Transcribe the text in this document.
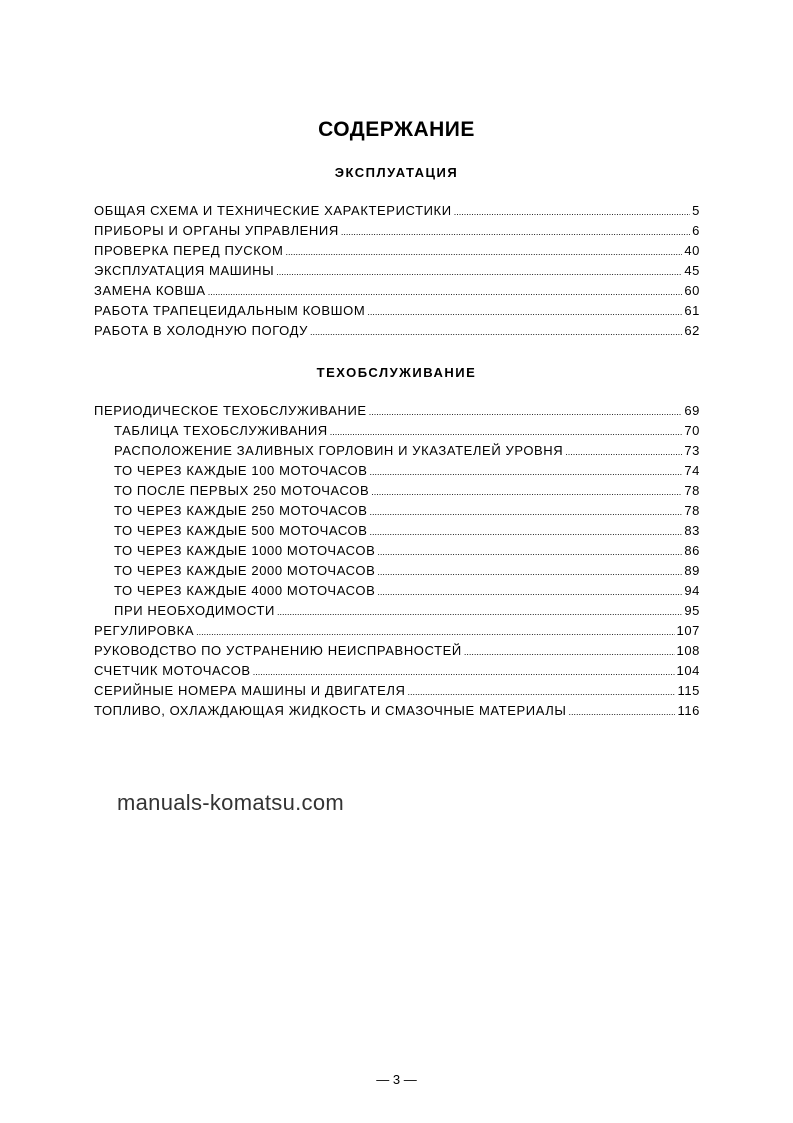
СОДЕРЖАНИЕ
ЭКСПЛУАТАЦИЯ
ОБЩАЯ СХЕМА И ТЕХНИЧЕСКИЕ ХАРАКТЕРИСТИКИ .....	5
ПРИБОРЫ И ОРГАНЫ УПРАВЛЕНИЯ .....	6
ПРОВЕРКА ПЕРЕД ПУСКОМ .....	40
ЭКСПЛУАТАЦИЯ МАШИНЫ .....	45
ЗАМЕНА КОВША .....	60
РАБОТА ТРАПЕЦЕИДАЛЬНЫМ КОВШОМ .....	61
РАБОТА В ХОЛОДНУЮ ПОГОДУ .....	62
ТЕХОБСЛУЖИВАНИЕ
ПЕРИОДИЧЕСКОЕ ТЕХОБСЛУЖИВАНИЕ .....	69
ТАБЛИЦА ТЕХОБСЛУЖИВАНИЯ .....	70
РАСПОЛОЖЕНИЕ ЗАЛИВНЫХ ГОРЛОВИН И УКАЗАТЕЛЕЙ УРОВНЯ .....	73
ТО ЧЕРЕЗ КАЖДЫЕ 100 МОТОЧАСОВ .....	74
ТО ПОСЛЕ ПЕРВЫХ 250 МОТОЧАСОВ .....	78
ТО ЧЕРЕЗ КАЖДЫЕ 250 МОТОЧАСОВ .....	78
ТО ЧЕРЕЗ КАЖДЫЕ 500 МОТОЧАСОВ .....	83
ТО ЧЕРЕЗ КАЖДЫЕ 1000 МОТОЧАСОВ .....	86
ТО ЧЕРЕЗ КАЖДЫЕ 2000 МОТОЧАСОВ .....	89
ТО ЧЕРЕЗ КАЖДЫЕ 4000 МОТОЧАСОВ .....	94
ПРИ НЕОБХОДИМОСТИ .....	95
РЕГУЛИРОВКА .....	107
РУКОВОДСТВО ПО УСТРАНЕНИЮ НЕИСПРАВНОСТЕЙ .....	108
СЧЕТЧИК МОТОЧАСОВ .....	104
СЕРИЙНЫЕ НОМЕРА МАШИНЫ И ДВИГАТЕЛЯ .....	115
ТОПЛИВО, ОХЛАЖДАЮЩАЯ ЖИДКОСТЬ И СМАЗОЧНЫЕ МАТЕРИАЛЫ .....	116
manuals-komatsu.com
— 3 —
